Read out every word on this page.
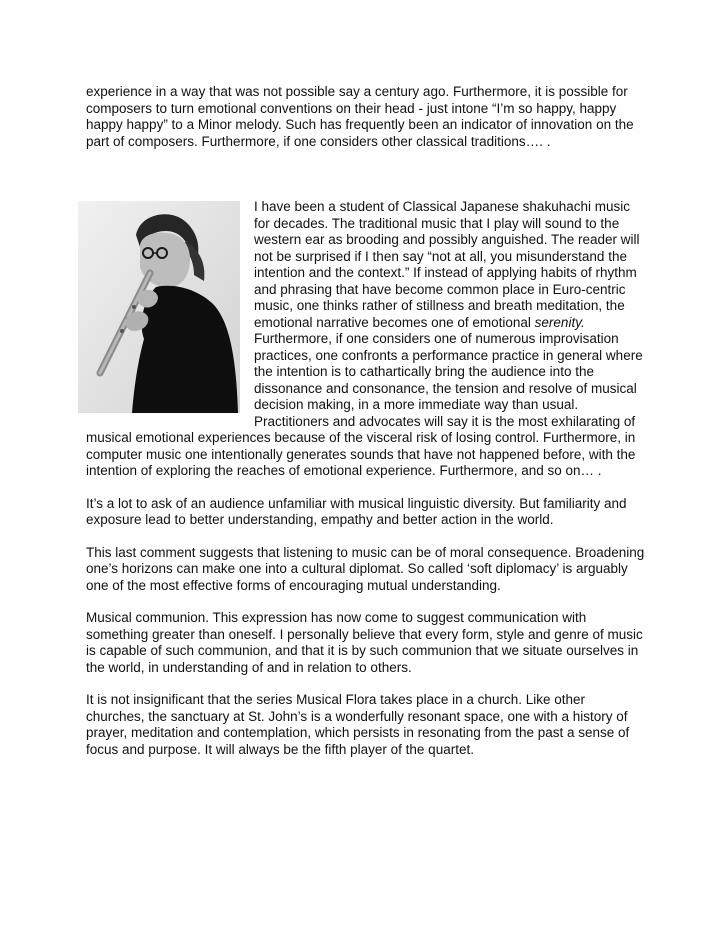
experience in a way that was not possible say a century ago. Furthermore, it is possible for composers to turn emotional conventions on their head - just intone “I’m so happy, happy happy happy” to a Minor melody. Such has frequently been an indicator of innovation on the part of composers. Furthermore, if one considers other classical traditions…. .

I have been a student of Classical Japanese shakuhachi music for decades. The traditional music that I play will sound to the western ear as brooding and possibly anguished. The reader will not be surprised if I then say “not at all, you misunderstand the intention and the context.” If instead of applying habits of rhythm and phrasing that have become common place in Euro-centric music, one thinks rather of stillness and breath meditation, the emotional narrative becomes one of emotional serenity. Furthermore, if one considers one of numerous improvisation practices, one confronts a performance practice in general where the intention is to cathartically bring the audience into the dissonance and consonance, the tension and resolve of musical decision making, in a more immediate way than usual. Practitioners and advocates will say it is the most exhilarating of musical emotional experiences because of the visceral risk of losing control. Furthermore, in computer music one intentionally generates sounds that have not happened before, with the intention of exploring the reaches of emotional experience. Furthermore, and so on… .

It’s a lot to ask of an audience unfamiliar with musical linguistic diversity. But familiarity and exposure lead to better understanding, empathy and better action in the world.

This last comment suggests that listening to music can be of moral consequence. Broadening one’s horizons can make one into a cultural diplomat. So called ‘soft diplomacy’ is arguably one of the most effective forms of encouraging mutual understanding.

Musical communion. This expression has now come to suggest communication with something greater than oneself. I personally believe that every form, style and genre of music is capable of such communion, and that it is by such communion that we situate ourselves in the world, in understanding of and in relation to others.

It is not insignificant that the series Musical Flora takes place in a church. Like other churches, the sanctuary at St. John’s is a wonderfully resonant space, one with a history of prayer, meditation and contemplation, which persists in resonating from the past a sense of focus and purpose. It will always be the fifth player of the quartet.
